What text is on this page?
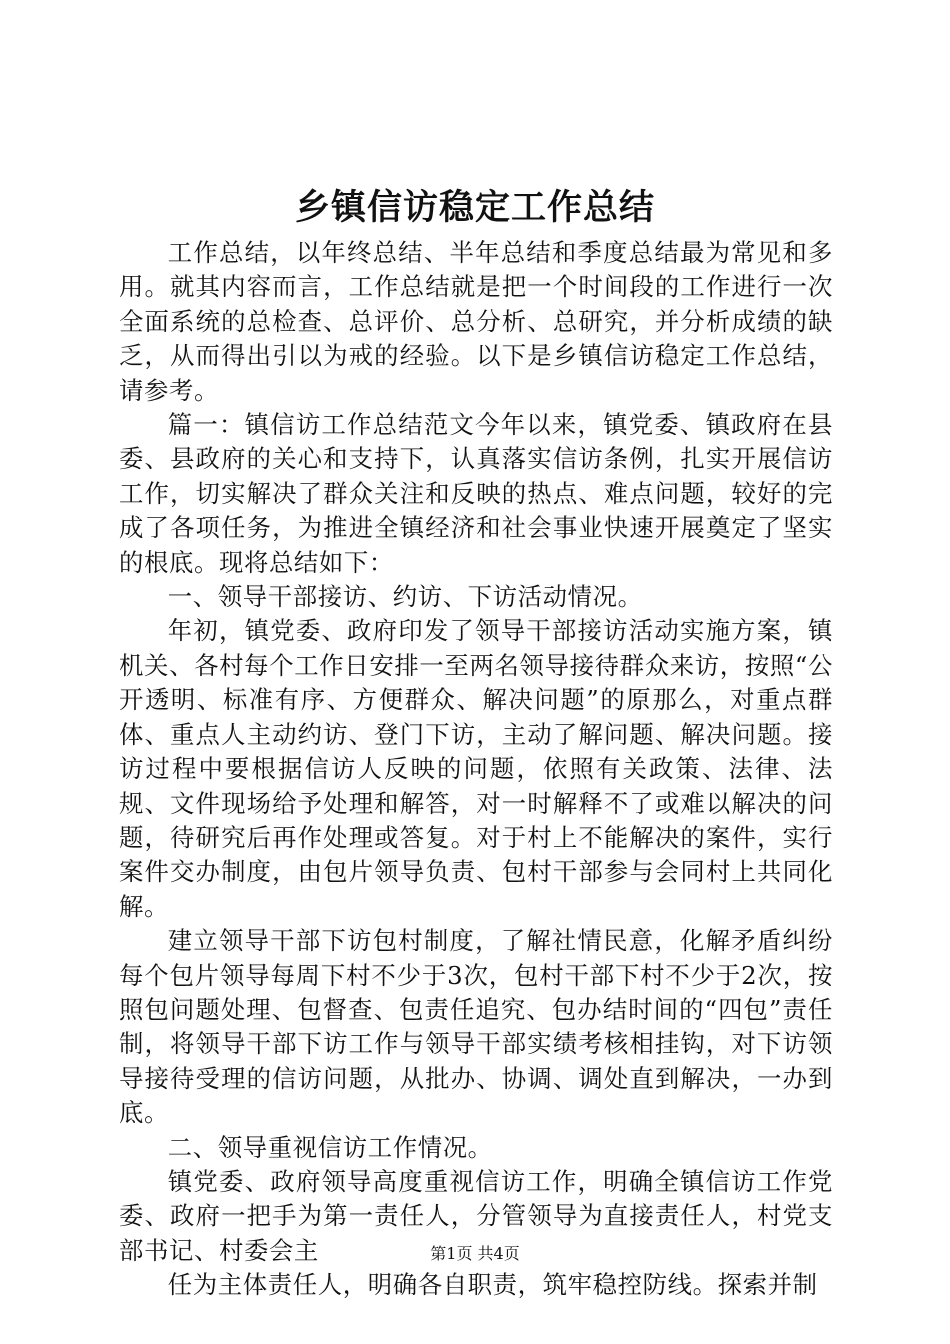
乡镇信访稳定工作总结

工作总结，以年终总结、半年总结和季度总结最为常见和多用。就其内容而言，工作总结就是把一个时间段的工作进行一次全面系统的总检查、总评价、总分析、总研究，并分析成绩的缺乏，从而得出引以为戒的经验。以下是乡镇信访稳定工作总结，请参考。

篇一：镇信访工作总结范文今年以来，镇党委、镇政府在县委、县政府的关心和支持下，认真落实信访条例，扎实开展信访工作，切实解决了群众关注和反映的热点、难点问题，较好的完成了各项任务，为推进全镇经济和社会事业快速开展奠定了坚实的根底。现将总结如下：

一、领导干部接访、约访、下访活动情况。

年初，镇党委、政府印发了领导干部接访活动实施方案，镇机关、各村每个工作日安排一至两名领导接待群众来访，按照“公开透明、标准有序、方便群众、解决问题”的原那么，对重点群体、重点人主动约访、登门下访，主动了解问题、解决问题。接访过程中要根据信访人反映的问题，依照有关政策、法律、法规、文件现场给予处理和解答，对一时解释不了或难以解决的问题，待研究后再作处理或答复。对于村上不能解决的案件，实行案件交办制度，由包片领导负责、包村干部参与会同村上共同化解。

建立领导干部下访包村制度，了解社情民意，化解矛盾纠纷每个包片领导每周下村不少于3次，包村干部下村不少于2次，按照包问题处理、包督查、包责任追究、包办结时间的“四包”责任制，将领导干部下访工作与领导干部实绩考核相挂钩，对下访领导接待受理的信访问题，从批办、协调、调处直到解决，一办到底。

二、领导重视信访工作情况。

镇党委、政府领导高度重视信访工作，明确全镇信访工作党委、政府一把手为第一责任人，分管领导为直接责任人，村党支部书记、村委会主

任为主体责任人，明确各自职责，筑牢稳控防线。探索并制

第1页 共4页
